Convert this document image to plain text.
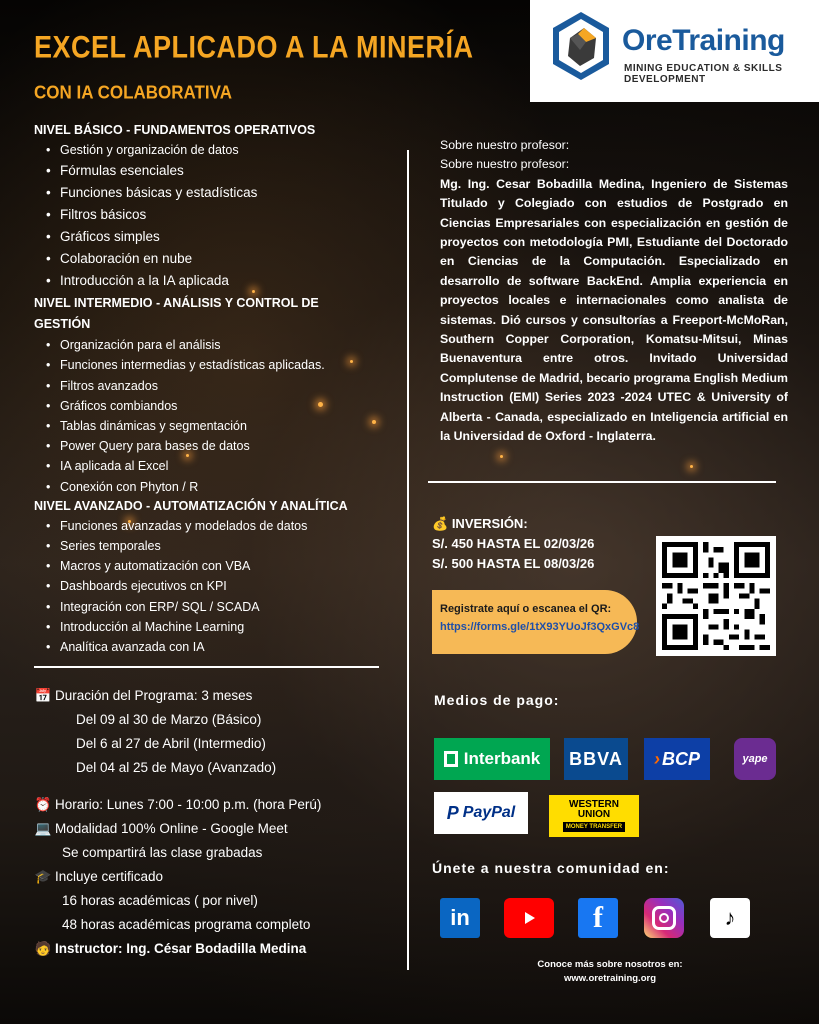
EXCEL APLICADO A LA MINERÍA
CON IA COLABORATIVA
OreTraining
MINING EDUCATION & SKILLS
DEVELOPMENT
NIVEL BÁSICO - FUNDAMENTOS OPERATIVOS
• Gestión y organización de datos
• Fórmulas esenciales
• Funciones básicas y estadísticas
• Filtros básicos
• Gráficos simples
• Colaboración en nube
• Introducción a la IA aplicada
NIVEL INTERMEDIO - ANÁLISIS Y CONTROL DE GESTIÓN
• Organización para el análisis
• Funciones intermedias y estadísticas aplicadas.
• Filtros avanzados
• Gráficos combiandos
• Tablas dinámicas y segmentación
• Power Query para bases de datos
• IA aplicada al Excel
• Conexión con Phyton / R
NIVEL AVANZADO - AUTOMATIZACIÓN Y ANALÍTICA
• Funciones avanzadas y modelados de datos
• Series temporales
• Macros y automatización con VBA
• Dashboards ejecutivos cn KPI
• Integración con ERP/ SQL / SCADA
• Introducción al Machine Learning
• Analítica avanzada con IA
📅 Duración del Programa: 3 meses
Del 09 al 30 de Marzo (Básico)
Del 6 al 27 de Abril (Intermedio)
Del 04 al 25 de Mayo (Avanzado)
⏰ Horario: Lunes 7:00 - 10:00 p.m. (hora Perú)
💻 Modalidad 100% Online - Google Meet
Se compartirá las clase grabadas
🎓 Incluye certificado
16 horas académicas ( por nivel)
48 horas académicas programa completo
🧑 Instructor: Ing. César Bodadilla Medina
Sobre nuestro profesor:
Sobre nuestro profesor:
Mg. Ing. Cesar Bobadilla Medina, Ingeniero de Sistemas Titulado y Colegiado con estudios de Postgrado en Ciencias Empresariales con especialización en gestión de proyectos con metodología PMI, Estudiante del Doctorado en Ciencias de la Computación. Especializado en desarrollo de software BackEnd. Amplia experiencia en proyectos locales e internacionales como analista de sistemas. Dió cursos y consultorías a Freeport-McMoRan, Southern Copper Corporation, Komatsu-Mitsui, Minas Buenaventura entre otros. Invitado Universidad Complutense de Madrid, becario programa English Medium Instruction (EMI) Series 2023 -2024 UTEC & University of Alberta - Canada, especializado en Inteligencia artificial en la Universidad de Oxford - Inglaterra.
💰 INVERSIÓN:
S/. 450 HASTA EL 02/03/26
S/. 500 HASTA EL 08/03/26
Registrate aquí o escanea el QR:
https://forms.gle/1tX93YUoJf3QxGVc8
Medios de pago:
Interbank BBVA › BCP	yape
P PayPal	WESTERN
UNION
MONEY TRANSFER
Únete a nuestra comunidad en:
in	f	♪
Conoce más sobre nosotros en:
www.oretraining.org
